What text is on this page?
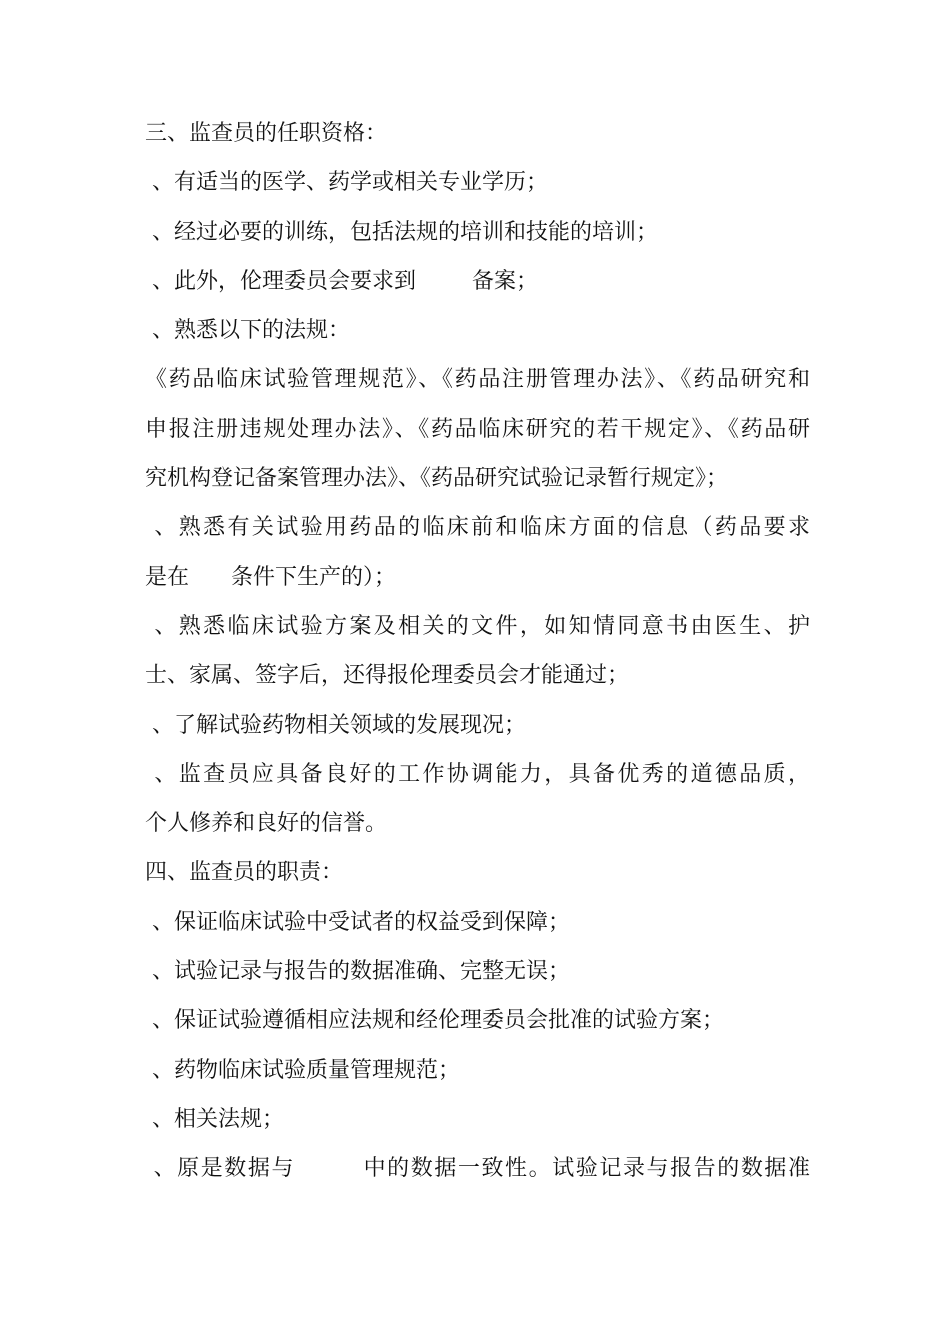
三、监查员的任职资格：
、有适当的医学、药学或相关专业学历；
、经过必要的训练，包括法规的培训和技能的培训；
、此外，伦理委员会要求到        备案；
、熟悉以下的法规：
《药品临床试验管理规范》、《药品注册管理办法》、《药品研究和
申报注册违规处理办法》、《药品临床研究的若干规定》、《药品研
究机构登记备案管理办法》、《药品研究试验记录暂行规定》；
、熟悉有关试验用药品的临床前和临床方面的信息（药品要求
是在      条件下生产的）；
、熟悉临床试验方案及相关的文件，如知情同意书由医生、护
士、家属、签字后，还得报伦理委员会才能通过；
、了解试验药物相关领域的发展现况；
、监查员应具备良好的工作协调能力，具备优秀的道德品质，
个人修养和良好的信誉。
四、监查员的职责：
、保证临床试验中受试者的权益受到保障；
、试验记录与报告的数据准确、完整无误；
、保证试验遵循相应法规和经伦理委员会批准的试验方案；
、药物临床试验质量管理规范；
、相关法规；
、原是数据与        中的数据一致性。试验记录与报告的数据准
